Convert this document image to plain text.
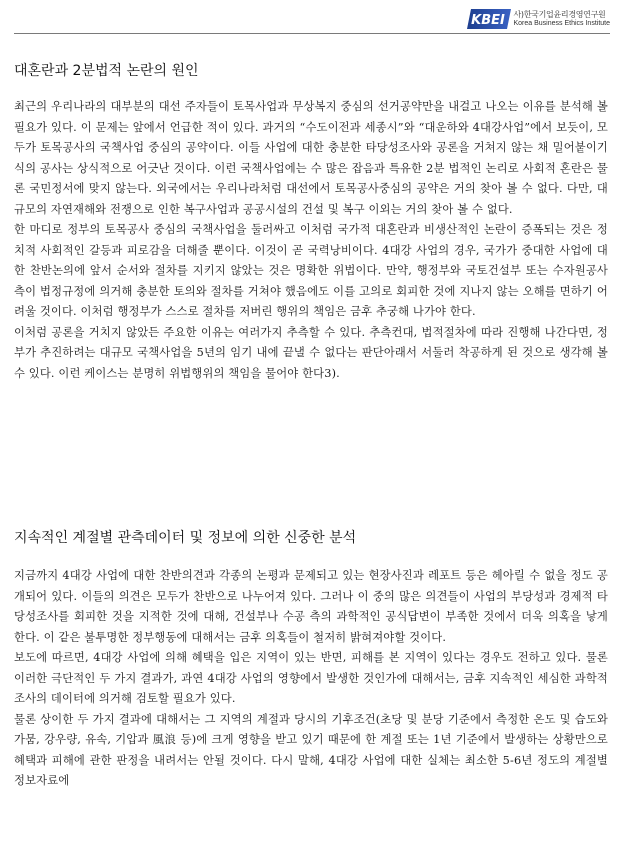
KBEI 사)한국기업윤리경영연구원
Korea Business Ethics Institute
대혼란과 2분법적 논란의 원인

최근의 우리나라의 대부분의 대선 주자들이 토목사업과 무상복지 중심의 선거공약만을 내걸고 나오는 이유를 분석해 볼 필요가 있다. 이 문제는 앞에서 언급한 적이 있다. 과거의 “수도이전과 세종시”와 “대운하와 4대강사업”에서 보듯이, 모두가 토목공사의 국책사업 중심의 공약이다. 이들 사업에 대한 충분한 타당성조사와 공론을 거쳐지 않는 채 밀어붙이기 식의 공사는 상식적으로 어긋난 것이다. 이런 국책사업에는 수 많은 잡음과 특유한 2분 법적인 논리로 사회적 혼란은 물론 국민정서에 맞지 않는다. 외국에서는 우리나라처럼 대선에서 토목공사중심의 공약은 거의 찾아 볼 수 없다. 다만, 대규모의 자연재해와 전쟁으로 인한 복구사업과 공공시설의 건설 및 복구 이외는 거의 찾아 볼 수 없다.

한 마디로 정부의 토목공사 중심의 국책사업을 둘러싸고 이처럼 국가적 대혼란과 비생산적인 논란이 증폭되는 것은 정치적 사회적인 갈등과 피로감을 더해줄 뿐이다. 이것이 곧 국력낭비이다. 4대강 사업의 경우, 국가가 중대한 사업에 대한 찬반논의에 앞서 순서와 절차를 지키지 않았는 것은 명확한 위법이다. 만약, 행정부와 국토건설부 또는 수자원공사 측이 법정규정에 의거해 충분한 토의와 절차를 거쳐야 했음에도 이를 고의로 회피한 것에 지나지 않는 오해를 면하기 어려울 것이다. 이처럼 행정부가 스스로 절차를 저버린 행위의 책임은 금후 추궁해 나가야 한다.

이처럼 공론을 거치지 않았든 주요한 이유는 여러가지 추측할 수 있다. 추측컨대, 법적절차에 따라 진행해 나간다면, 정부가 추진하려는 대규모 국책사업을 5년의 임기 내에 끝낼 수 없다는 판단아래서 서둘러 착공하게 된 것으로 생각해 볼수 있다. 이런 케이스는 분명히 위법행위의 책임을 물어야 한다3).

지속적인 계절별 관측데이터 및 정보에 의한 신중한 분석

지금까지 4대강 사업에 대한 찬반의견과 각종의 논평과 문제되고 있는 현장사진과 레포트 등은 헤아릴 수 없을 정도 공개되어 있다. 이들의 의견은 모두가 찬반으로 나누어져 있다. 그러나 이 중의 많은 의견들이 사업의 부당성과 경제적 타당성조사를 회피한 것을 지적한 것에 대해, 건설부나 수공 측의 과학적인 공식답변이 부족한 것에서 더욱 의혹을 낳게 한다. 이 같은 불투명한 정부행동에 대해서는 금후 의혹들이 철저히 밝혀져야할 것이다.

보도에 따르면, 4대강 사업에 의해 혜택을 입은 지역이 있는 반면, 피해를 본 지역이 있다는 경우도 전하고 있다. 물론 이러한 극단적인 두 가지 결과가, 과연 4대강 사업의 영향에서 발생한 것인가에 대해서는, 금후 지속적인 세심한 과학적 조사의 데이터에 의거해 검토할 필요가 있다.

물론 상이한 두 가지 결과에 대해서는 그 지역의 계절과 당시의 기후조건(초당 및 분당 기준에서 측정한 온도 및 습도와 가뭄, 강우량, 유속, 기압과 風浪 등)에 크게 영향을 받고 있기 때문에 한 계절 또는 1년 기준에서 발생하는 상황만으로 혜택과 피해에 관한 판정을 내려서는 안될 것이다. 다시 말해, 4대강 사업에 대한 실체는 최소한 5-6년 정도의 계절별 정보자료에
